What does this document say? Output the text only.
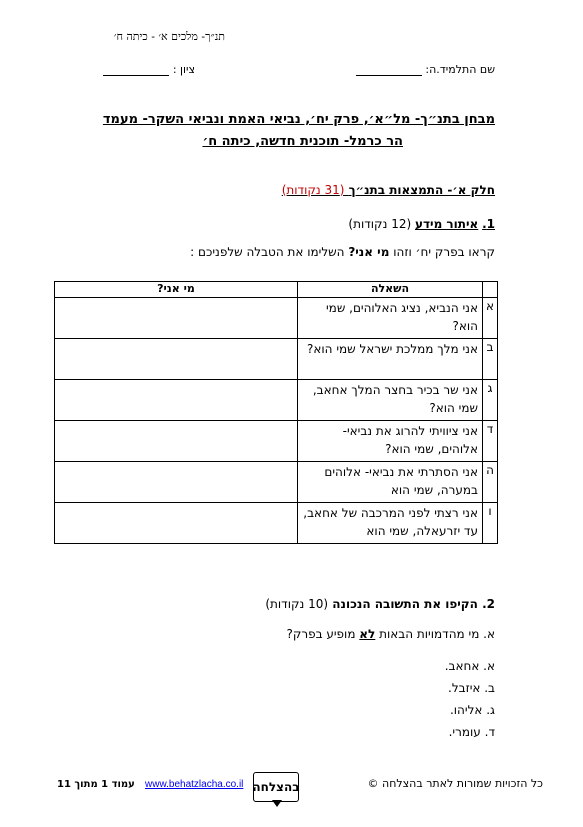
תנ״ך- מלכים א׳ - כיתה ח׳
שם התלמיד.ה:
ציון :
מבחן בתנ״ך- מל״א׳, פרק יח׳, נביאי האמת ונביאי השקר- מעמד
הר כרמל- תוכנית חדשה, כיתה ח׳
חלק א׳- התמצאות בתנ״ך (31 נקודות)
1. איתור מידע (12 נקודות)
קראו בפרק יח׳ וזהו מי אני? השלימו את הטבלה שלפניכם :
	השאלה	מי אני?
א	אני הנביא, נציג האלוהים, שמי הוא?	
ב	אני מלך ממלכת ישראל שמי הוא?	
ג	אני שר בכיר בחצר המלך אחאב, שמי הוא?	
ד	אני ציוויתי להרוג את נביאי- אלוהים, שמי הוא?	
ה	אני הסתרתי את נביאי- אלוהים במערה, שמי הוא	
ו	אני רצתי לפני המרכבה של אחאב, עד יזרעאלה, שמי הוא	
2. הקיפו את התשובה הנכונה (10 נקודות)
א. מי מהדמויות הבאות לא מופיע בפרק?
א. אחאב.
ב. איזבל.
ג. אליהו.
ד. עומרי.
כל הזכויות שמורות לאתר בהצלחה ©
בהצלחה
www.behatzlacha.co.il
עמוד 1 מתוך 11
